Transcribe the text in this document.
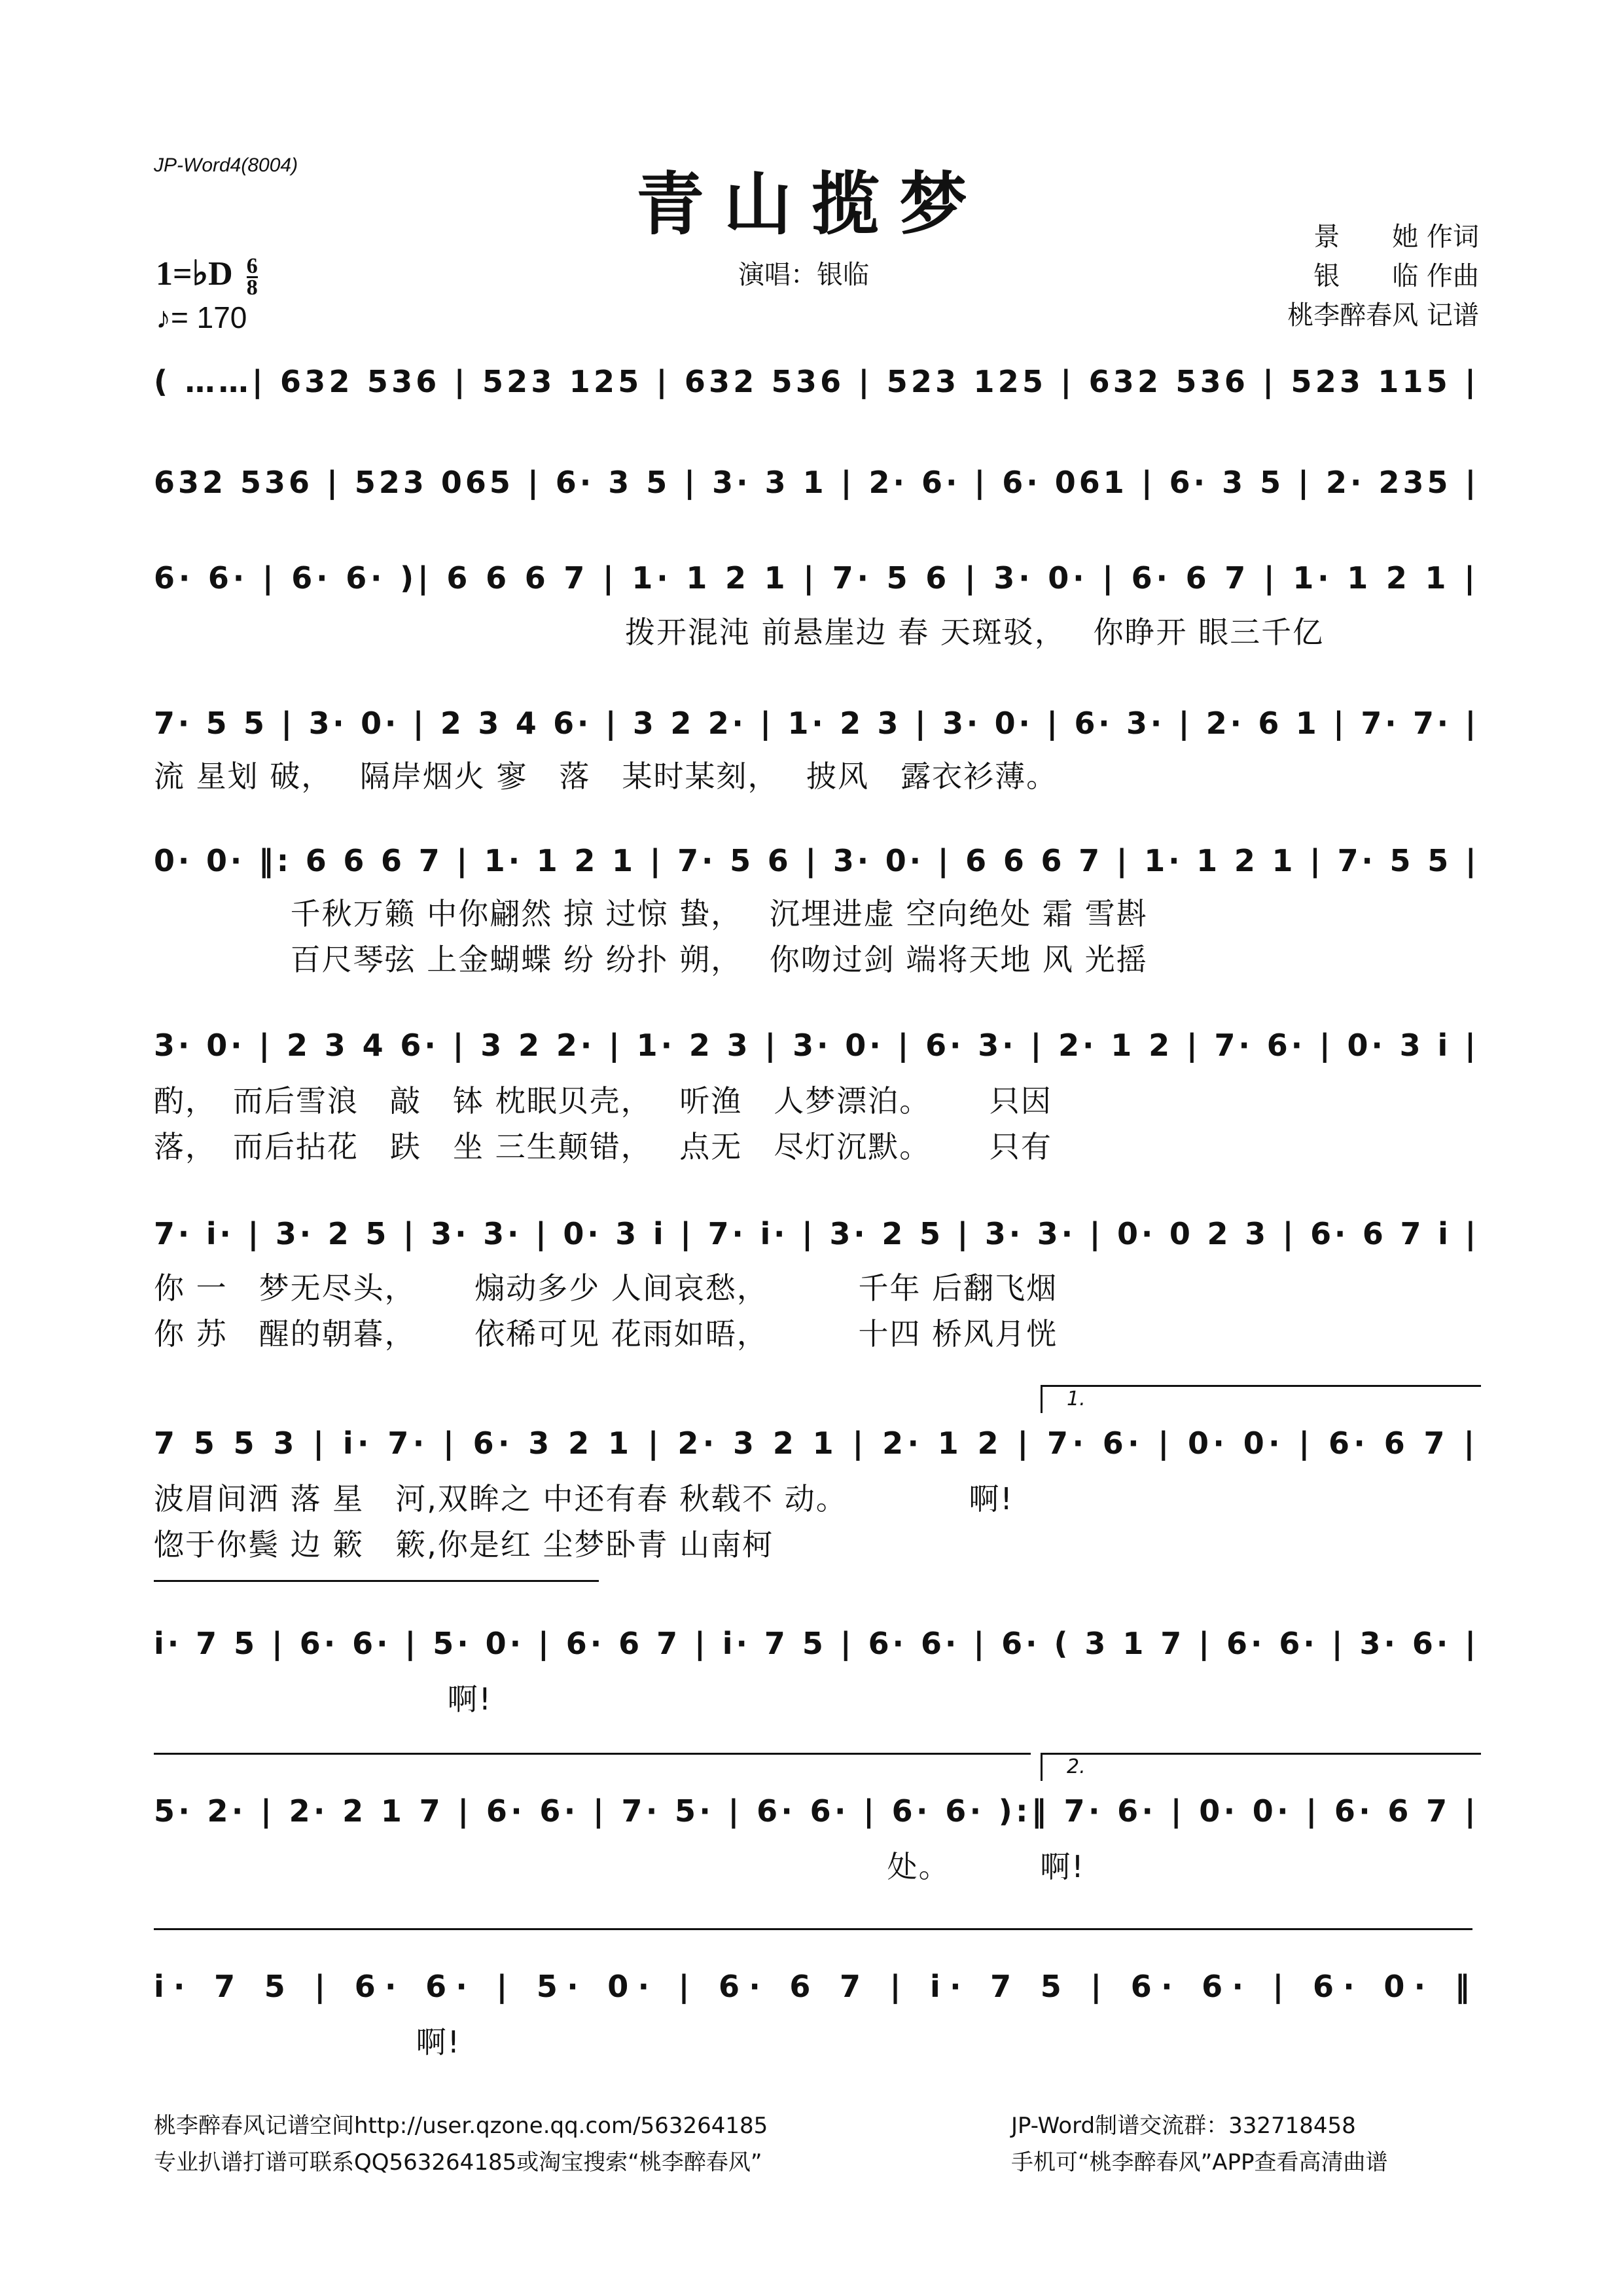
JP-Word4(8004)	青山揽梦
演唱：银临
景　　她 作词
银　　临 作曲
桃李醉春风 记谱
1=♭D $\frac{6}{8}$
♪= 170
( ……| 632 536 | 523 125 | 632 536 | 523 125 | 632 536 | 523 115 |
632 536 | 523 065 | 6· 3 5 | 3· 3 1 | 2· 6· | 6· 061 | 6· 3 5 | 2· 235 |
6· 6· | 6· 6· )| 6 6 6 7 | 1· 1 2 1 | 7· 5 6 | 3· 0· | 6· 6 7 | 1· 1 2 1 |
　　　　　　　　　　　　　　　拨开混沌 前悬崖边 春 天斑驳，　 你睁开 眼三千亿
7· 5 5 | 3· 0· | 2 3 4 6· | 3 2 2· | 1· 2 3 | 3· 0· | 6· 3· | 2· 6 1 | 7· 7· |
流 星划 破，　 隔岸烟火 寥　落　某时某刻，　 披风　露衣衫薄。
0· 0· ‖: 6 6 6 7 | 1· 1 2 1 | 7· 5 6 | 3· 0· | 6 6 6 7 | 1· 1 2 1 | 7· 5 5 |
　　　　 千秋万籁 中你翩然 掠 过惊 蛰，　 沉埋进虚 空向绝处 霜 雪斟
　　　　 百尺琴弦 上金蝴蝶 纷 纷扑 朔，　 你吻过剑 端将天地 风 光摇
3· 0· | 2 3 4 6· | 3 2 2· | 1· 2 3 | 3· 0· | 6· 3· | 2· 1 2 | 7· 6· | 0· 3 i |
酌，　而后雪浪　敲　钵 枕眠贝壳，　 听渔　人梦漂泊。　　 只因
落，　而后拈花　趺　坐 三生颠错，　 点无　尽灯沉默。　　 只有
7· i· | 3· 2 5 | 3· 3· | 0· 3 i | 7· i· | 3· 2 5 | 3· 3· | 0· 0 2 3 | 6· 6 7 i |
你 一　梦无尽头，　　 煽动多少 人间哀愁，　　　 千年 后翻飞烟
你 苏　醒的朝暮，　　 依稀可见 花雨如晤，　　　 十四 桥风月恍
1.
7 5 5 3 | i· 7· | 6· 3 2 1 | 2· 3 2 1 | 2· 1 2 | 7· 6· | 0· 0· | 6· 6 7 |
波眉间洒 落 星　河,双眸之 中还有春 秋载不 动。　　　　 啊!
惚于你鬓 边 簌　簌,你是红 尘梦卧青 山南柯
i· 7 5 | 6· 6· | 5· 0· | 6· 6 7 | i· 7 5 | 6· 6· | 6· ( 3 1 7 | 6· 6· | 3· 6· |
　　　　　　　　　 啊!
2.
5· 2· | 2· 2 1 7 | 6· 6· | 7· 5· | 6· 6· | 6· 6· ):‖ 7· 6· | 0· 0· | 6· 6 7 |
　　　　　　　　　　　　　　　　　　　　　　　 处。　　　 啊!
i· 7 5 | 6· 6· | 5· 0· | 6· 6 7 | i· 7 5 | 6· 6· | 6· 0· ‖
　　　　　　　　 啊!
桃李醉春风记谱空间http://user.qzone.qq.com/563264185
专业扒谱打谱可联系QQ563264185或淘宝搜索“桃李醉春风”
JP-Word制谱交流群：332718458
手机可“桃李醉春风”APP查看高清曲谱
